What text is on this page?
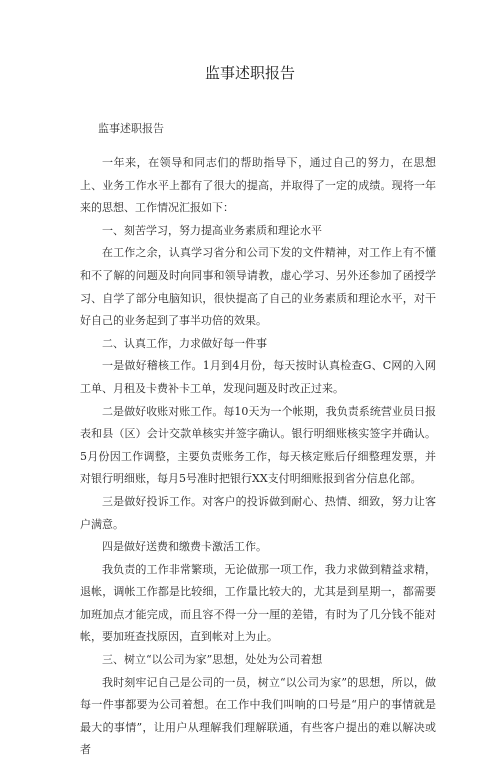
监事述职报告
监事述职报告

一年来，在领导和同志们的帮助指导下，通过自己的努力，在思想上、业务工作水平上都有了很大的提高，并取得了一定的成绩。现将一年来的思想、工作情况汇报如下：

一、刻苦学习，努力提高业务素质和理论水平

在工作之余，认真学习省分和公司下发的文件精神，对工作上有不懂和不了解的问题及时向同事和领导请教，虚心学习、另外还参加了函授学习、自学了部分电脑知识，很快提高了自己的业务素质和理论水平，对干好自己的业务起到了事半功倍的效果。

二、认真工作，力求做好每一件事

一是做好稽核工作。1月到4月份，每天按时认真检查G、C网的入网工单、月租及卡费补卡工单，发现问题及时改正过来。

二是做好收账对账工作。每10天为一个帐期，我负责系统营业员日报表和县（区）会计交款单核实并签字确认。银行明细账核实签字并确认。5月份因工作调整，主要负责账务工作，每天核定账后仔细整理发票，并对银行明细账，每月5号准时把银行XX支付明细账报到省分信息化部。

三是做好投诉工作。对客户的投诉做到耐心、热情、细致，努力让客户满意。

四是做好送费和缴费卡激活工作。

我负责的工作非常繁琐，无论做那一项工作，我力求做到精益求精，退帐，调帐工作都是比较细，工作量比较大的，尤其是到星期一，都需要加班加点才能完成，而且容不得一分一厘的差错，有时为了几分钱不能对帐，要加班查找原因，直到帐对上为止。

三、树立“以公司为家”思想，处处为公司着想

我时刻牢记自己是公司的一员，树立“以公司为家”的思想，所以，做每一件事都要为公司着想。在工作中我们叫响的口号是“用户的事情就是最大的事情”，让用户从理解我们理解联通，有些客户提出的难以解决或者
